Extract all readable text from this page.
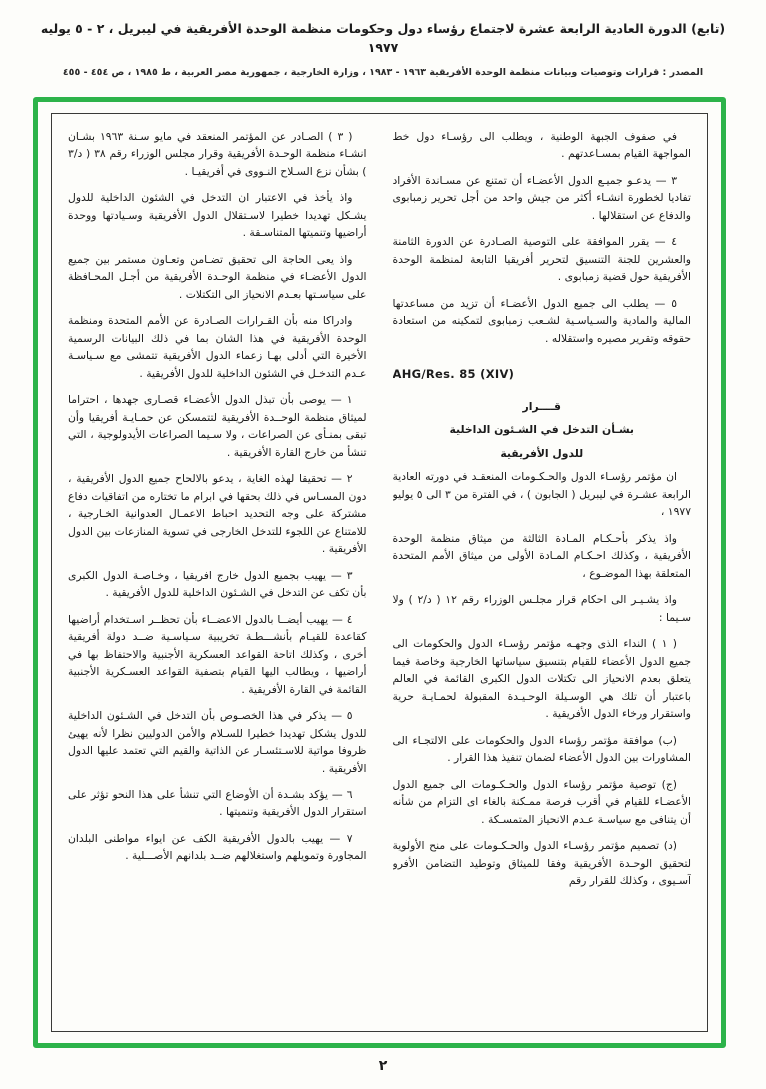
(تابع) الدورة العادية الرابعة عشرة لاجتماع رؤساء دول وحكومات منظمة الوحدة الأفريقية في ليبريل ، ٢ - ٥ يوليه ١٩٧٧
المصدر : قرارات وتوصيات وبيانات منظمة الوحدة الأفريقية ١٩٦٣ - ١٩٨٣ ، وزارة الخارجية ، جمهورية مصر العربية ، ط ١٩٨٥ ، ص ٤٥٤ - ٤٥٥

في صفوف الجبهة الوطنية ، ويطلب الى رؤسـاء دول خط المواجهة القيام بمسـاعدتهم .

٣ — يدعـو جميـع الدول الأعضـاء أن تمتنع عن مسـاندة الأفراد تفاديا لخطورة انشـاء أكثر من جيش واحد من أجل تحرير زمبابوى والدفاع عن استقلالها .

٤ — يقرر الموافقة على التوصية الصـادرة عن الدورة الثامنة والعشرين للجنة التنسيق لتحرير أفريقيا التابعة لمنظمة الوحدة الأفريقية حول قضية زمبابوى .

٥ — يطلب الى جميع الدول الأعضـاء أن تزيد من مساعدتها المالية والمادية والسـياسـية لشـعب زمبابوى لتمكينه من استعادة حقوقه وتقرير مصيره واستقلاله .

AHG/Res. 85 (XIV)

قــــرار

بشـأن التدخل في الشـئون الداخلية

للدول الأفريقية

ان مؤتمر رؤسـاء الدول والحـكـومات المنعقـد في دورته العادية الرابعة عشـرة في ليبريل ( الجابون ) ، في الفترة من ٣ الى ٥ يوليو ١٩٧٧ ،

واذ يذكر بأحـكـام المـادة الثالثة من ميثاق منظمة الوحدة الأفريقية ، وكذلك احـكـام المـادة الأولى من ميثاق الأمم المتحدة المتعلقة بهذا الموضـوع ،

واذ يشـيـر الى احكام قرار مجلـس الوزراء رقم ١٢ ( د/٢ ) ولا سـيما :

( ١ ) النداء الذى وجهـه مؤتمر رؤسـاء الدول والحكومات الى جميع الدول الأعضاء للقيام بتنسيق سياساتها الخارجية وخاصة فيما يتعلق بعدم الانحياز الى تكتلات الدول الكبرى القائمة في العالم باعتبار أن تلك هي الوسـيلة الوحـيـدة المقبولة لحمـايـة حرية واستقرار ورخاء الدول الأفريقية .

(ب) موافقة مؤتمر رؤساء الدول والحكومات على الالتجـاء الى المشاورات بين الدول الأعضاء لضمان تنفيذ هذا القرار .

(ج) توصية مؤتمر رؤساء الدول والحـكـومات الى جميع الدول الأعضـاء للقيام في أقرب فرصة ممـكنة بالغاء اى التزام من شأنه أن يتنافى مع سياسـة عـدم الانحياز المتمسـكة .

(د) تصميم مؤتمر رؤسـاء الدول والحـكـومات على منح الأولوية لتحقيق الوحـدة الأفريقية وفقا للميثاق وتوطيد التضامن الأفرو آسـيوى ، وكذلك للقرار رقم

( ٣ ) الصـادر عن المؤتمر المنعقد في مايو سـنة ١٩٦٣ بشـان انشـاء منظمة الوحـدة الأفريقية وقرار مجلس الوزراء رقم ٣٨ ( د/٣ ) بشأن نزع السـلاح النـووى في أفريقيـا .

واذ يأخذ في الاعتبار ان التدخل في الشئون الداخلية للدول يشـكل تهديدا خطيرا لاسـتقلال الدول الأفريقية وسـيادتها ووحدة أراضيها وتنميتها المتناسـقة .

واذ يعى الحاجة الى تحقيق تضـامن وتعـاون مستمر بين جميع الدول الأعضـاء في منظمة الوحـدة الأفريقية من أجـل المحـافظة على سياسـتها بعـدم الانحياز الى التكتلات .

وادراكا منه بأن القـرارات الصـادرة عن الأمم المتحدة ومنظمة الوحدة الأفريقية في هذا الشان بما في ذلك البيانات الرسمية الأخيرة التي أدلى بهـا زعماء الدول الأفريقية تتمشى مع سـياسـة عـدم التدخـل في الشئون الداخلية للدول الأفريقية .

١ — يوصى بأن تبذل الدول الأعضـاء قصـارى جهدها ، احتراما لميثاق منظمة الوحــدة الأفريقية لتتمسكن عن حمـايـة أفريقيا وأن تبقى بمنـأى عن الصراعات ، ولا سـيما الصراعات الأيدولوجية ، التي تنشأ من خارج القارة الأفريقية .

٢ — تحقيقا لهذه الغاية ، يدعو بالالحاح جميع الدول الأفريقية ، دون المسـاس في ذلك بحقها في ابرام ما تختاره من اتفاقيات دفاع مشتركة على وجه التحديد احباط الاعمـال العدوانية الخـارجية ، للامتناع عن اللجوء للتدخل الخارجى في تسوية المنازعات بين الدول الأفريقية .

٣ — يهيب بجميع الدول خارج افريقيا ، وخـاصـة الدول الكبرى بأن تكف عن التدخل في الشـئون الداخلية للدول الأفريقية .

٤ — يهيب أيضــا بالدول الاعضــاء بأن تحظــر اسـتخدام أراضيها كقاعدة للقيـام بأنشـــطـة تخريبية سـياسـية ضــد دولة أفريقية أخرى ، وكذلك اتاحة القواعد العسكرية الأجنبية والاحتفاظ بها في أراضيها ، ويطالب اليها القيام بتصفية القواعد العسـكرية الأجنبية القائمة في القارة الأفريقية .

٥ — يذكر في هذا الخصـوص بأن التدخل في الشـئون الداخلية للدول يشكل تهديدا خطيرا للسـلام والأمن الدوليين نظرا لأنه يهيئ ظروفا مواتية للاسـتئسـار عن الذاتية والقيم التي تعتمد عليها الدول الأفريقية .

٦ — يؤكد بشـدة أن الأوضاع التي تنشأ على هذا النحو تؤثر على استقرار الدول الأفريقية وتنميتها .

٧ — يهيب بالدول الأفريقية الكف عن ايواء مواطنى البلدان المجاورة وتمويلهم واستغلالهم ضــد بلدانهم الأصـــلية .

٢
